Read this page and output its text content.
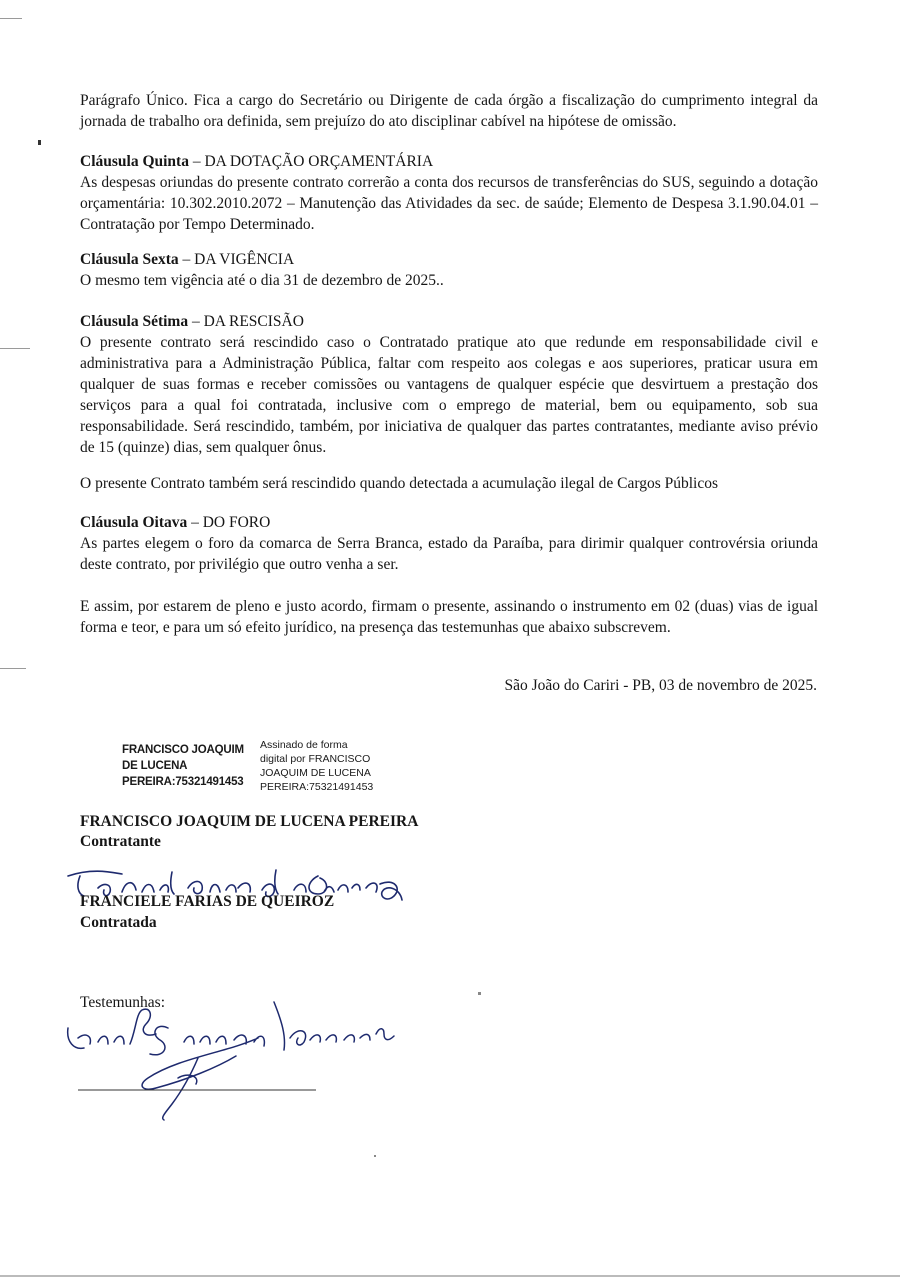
Parágrafo Único. Fica a cargo do Secretário ou Dirigente de cada órgão a fiscalização do cumprimento integral da jornada de trabalho ora definida, sem prejuízo do ato disciplinar cabível na hipótese de omissão.

Cláusula Quinta – DA DOTAÇÃO ORÇAMENTÁRIA

As despesas oriundas do presente contrato correrão a conta dos recursos de transferências do SUS, seguindo a dotação orçamentária: 10.302.2010.2072 – Manutenção das Atividades da sec. de saúde; Elemento de Despesa 3.1.90.04.01 – Contratação por Tempo Determinado.

Cláusula Sexta – DA VIGÊNCIA

O mesmo tem vigência até o dia 31 de dezembro de 2025..

Cláusula Sétima – DA RESCISÃO

O presente contrato será rescindido caso o Contratado pratique ato que redunde em responsabilidade civil e administrativa para a Administração Pública, faltar com respeito aos colegas e aos superiores, praticar usura em qualquer de suas formas e receber comissões ou vantagens de qualquer espécie que desvirtuem a prestação dos serviços para a qual foi contratada, inclusive com o emprego de material, bem ou equipamento, sob sua responsabilidade. Será rescindido, também, por iniciativa de qualquer das partes contratantes, mediante aviso prévio de 15 (quinze) dias, sem qualquer ônus.

O presente Contrato também será rescindido quando detectada a acumulação ilegal de Cargos Públicos

Cláusula Oitava – DO FORO

As partes elegem o foro da comarca de Serra Branca, estado da Paraíba, para dirimir qualquer controvérsia oriunda deste contrato, por privilégio que outro venha a ser.

E assim, por estarem de pleno e justo acordo, firmam o presente, assinando o instrumento em 02 (duas) vias de igual forma e teor, e para um só efeito jurídico, na presença das testemunhas que abaixo subscrevem.

São João do Cariri - PB, 03 de novembro de 2025.
FRANCISCO JOAQUIM
DE LUCENA
PEREIRA:75321491453
Assinado de forma
digital por FRANCISCO
JOAQUIM DE LUCENA
PEREIRA:75321491453
FRANCISCO JOAQUIM DE LUCENA PEREIRA
Contratante
FRANCIELE FARIAS DE QUEIROZ
Contratada
Testemunhas:
